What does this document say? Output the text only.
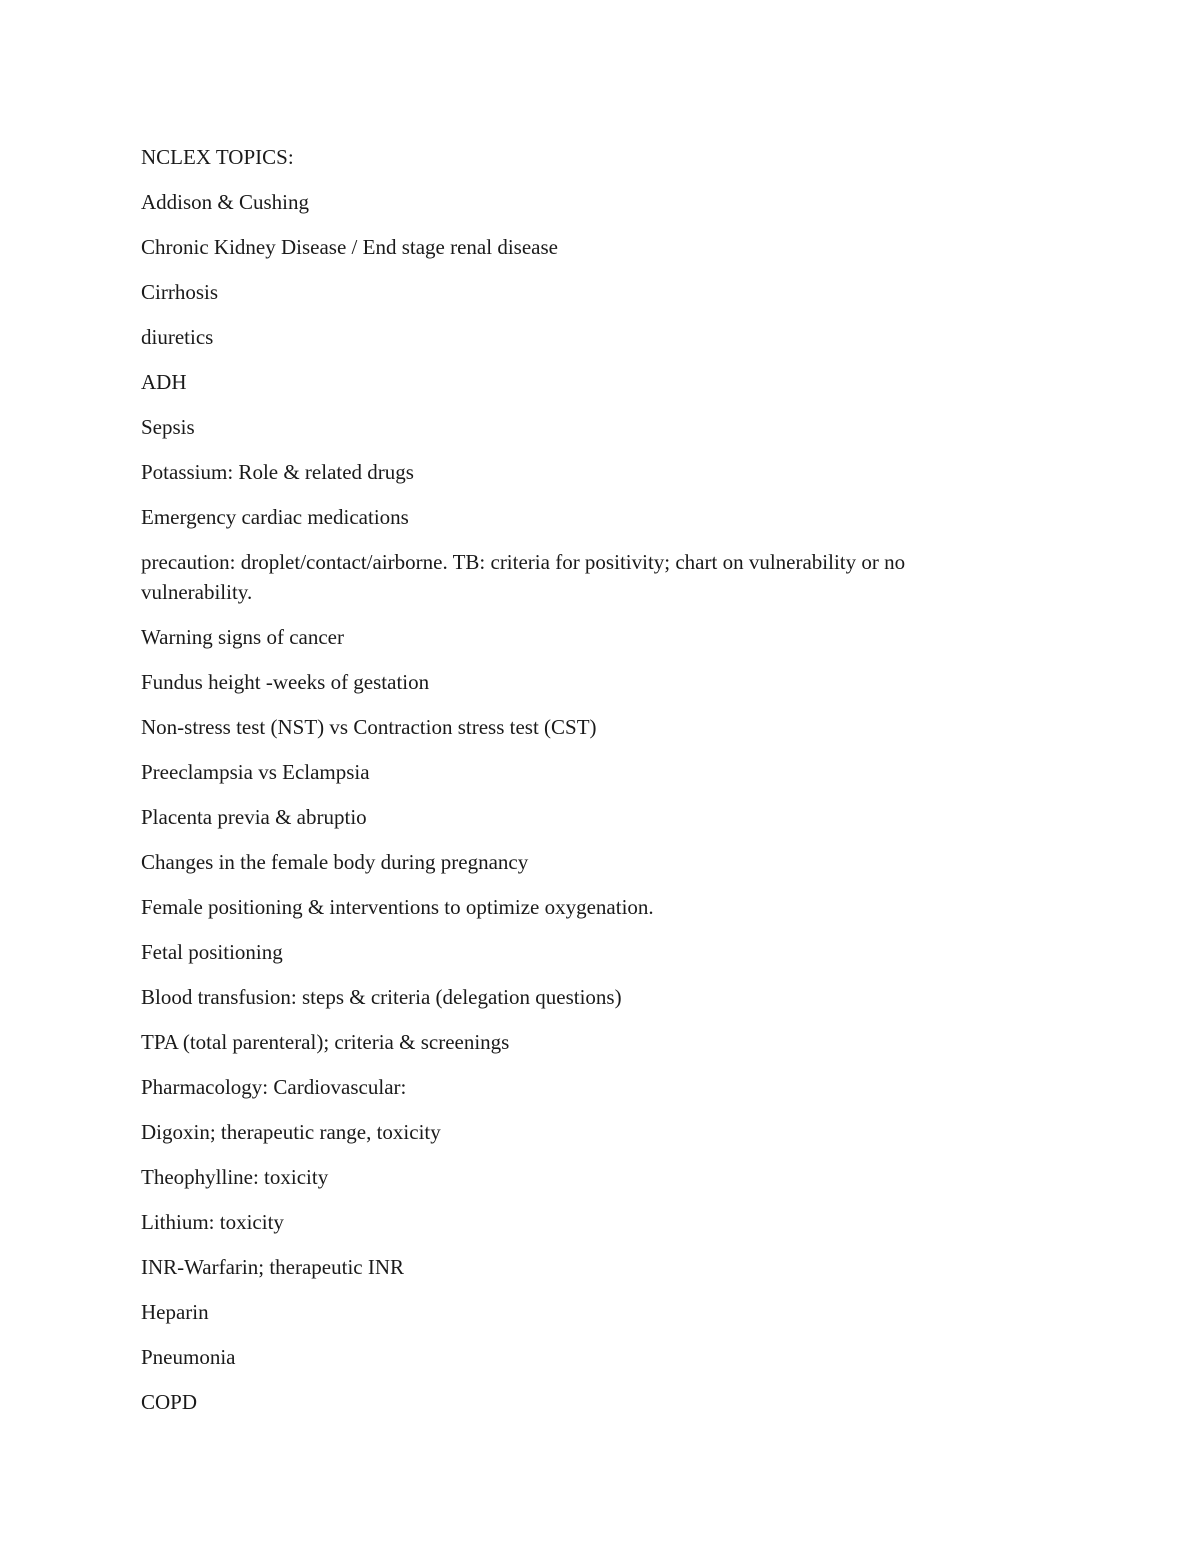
NCLEX TOPICS:

Addison & Cushing

Chronic Kidney Disease / End stage renal disease

Cirrhosis

diuretics

ADH

Sepsis

Potassium: Role & related drugs

Emergency cardiac medications

precaution: droplet/contact/airborne. TB: criteria for positivity; chart on vulnerability or no vulnerability.

Warning signs of cancer

Fundus height -weeks of gestation

Non-stress test (NST) vs Contraction stress test (CST)

Preeclampsia vs Eclampsia

Placenta previa & abruptio

Changes in the female body during pregnancy

Female positioning & interventions to optimize oxygenation.

Fetal positioning

Blood transfusion: steps & criteria (delegation questions)

TPA (total parenteral); criteria & screenings

Pharmacology: Cardiovascular:

Digoxin; therapeutic range, toxicity

Theophylline: toxicity

Lithium: toxicity

INR-Warfarin; therapeutic INR

Heparin

Pneumonia

COPD
